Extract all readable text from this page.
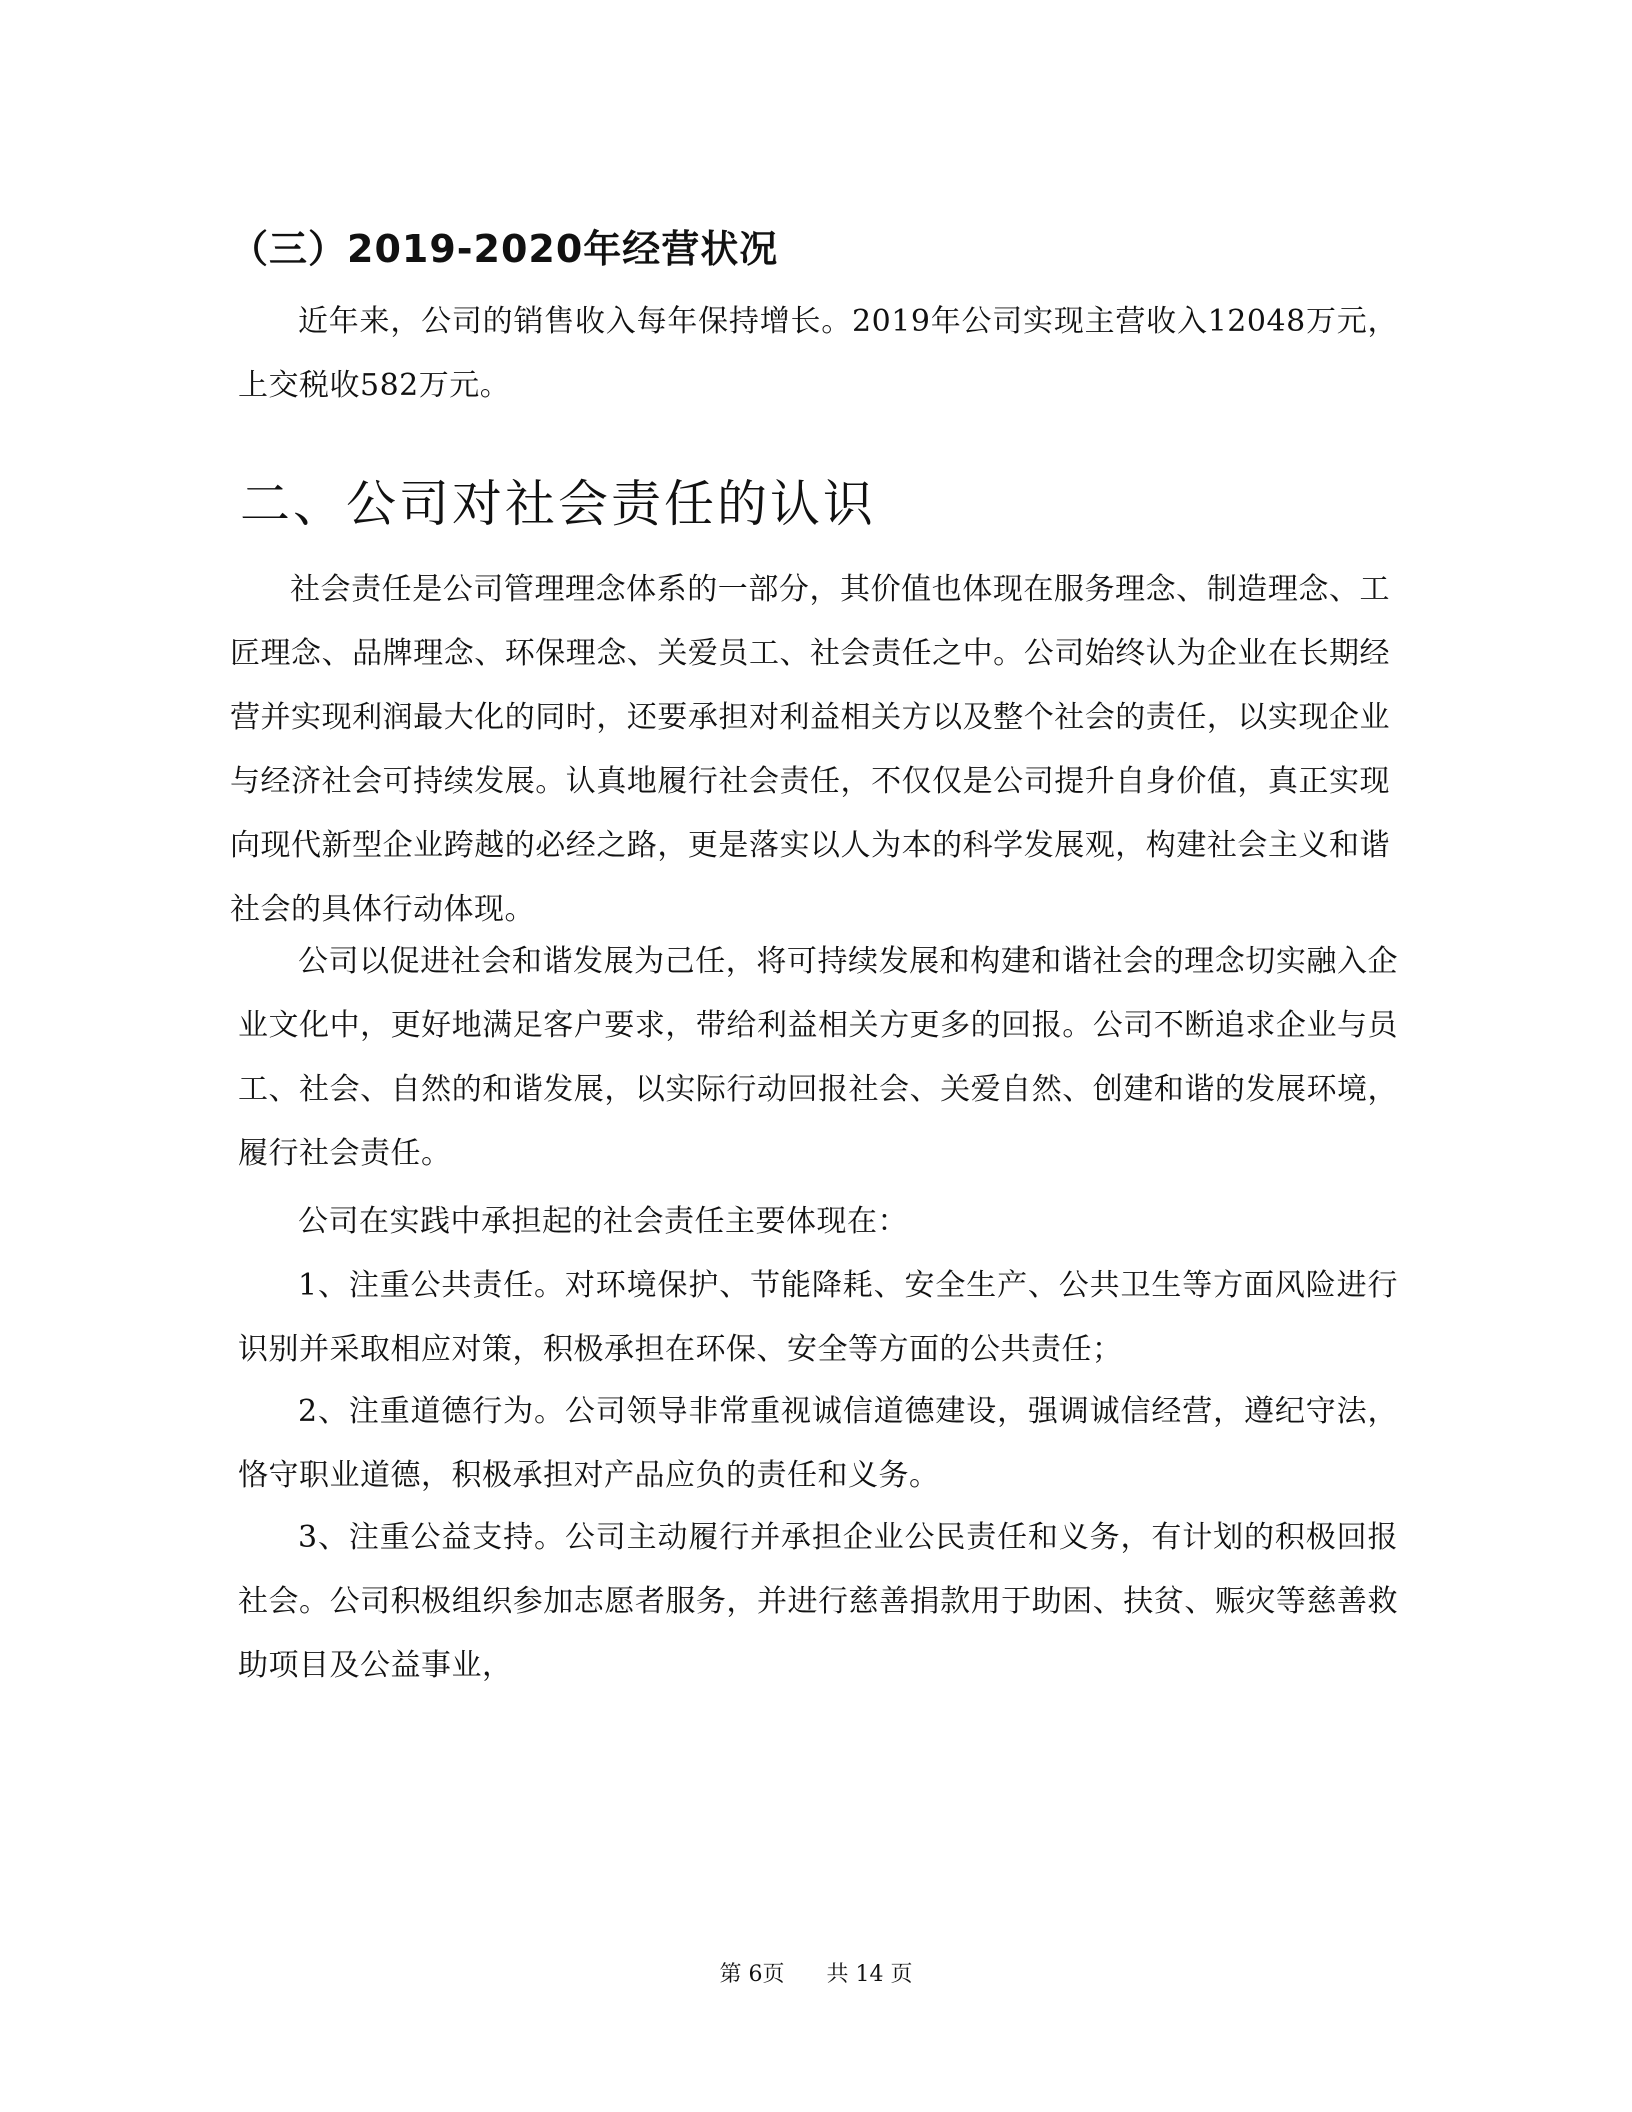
（三）2019-2020年经营状况

近年来，公司的销售收入每年保持增长。2019年公司实现主营收入12048万元，上交税收582万元。

二、公司对社会责任的认识

社会责任是公司管理理念体系的一部分，其价值也体现在服务理念、制造理念、工匠理念、品牌理念、环保理念、关爱员工、社会责任之中。公司始终认为企业在长期经营并实现利润最大化的同时，还要承担对利益相关方以及整个社会的责任，以实现企业与经济社会可持续发展。认真地履行社会责任，不仅仅是公司提升自身价值，真正实现向现代新型企业跨越的必经之路，更是落实以人为本的科学发展观，构建社会主义和谐社会的具体行动体现。

公司以促进社会和谐发展为己任，将可持续发展和构建和谐社会的理念切实融入企业文化中，更好地满足客户要求，带给利益相关方更多的回报。公司不断追求企业与员工、社会、自然的和谐发展，以实际行动回报社会、关爱自然、创建和谐的发展环境，履行社会责任。

公司在实践中承担起的社会责任主要体现在：

1、注重公共责任。对环境保护、节能降耗、安全生产、公共卫生等方面风险进行识别并采取相应对策，积极承担在环保、安全等方面的公共责任；

2、注重道德行为。公司领导非常重视诚信道德建设，强调诚信经营，遵纪守法，恪守职业道德，积极承担对产品应负的责任和义务。

3、注重公益支持。公司主动履行并承担企业公民责任和义务，有计划的积极回报社会。公司积极组织参加志愿者服务，并进行慈善捐款用于助困、扶贫、赈灾等慈善救助项目及公益事业，

第 6页 共 14 页
